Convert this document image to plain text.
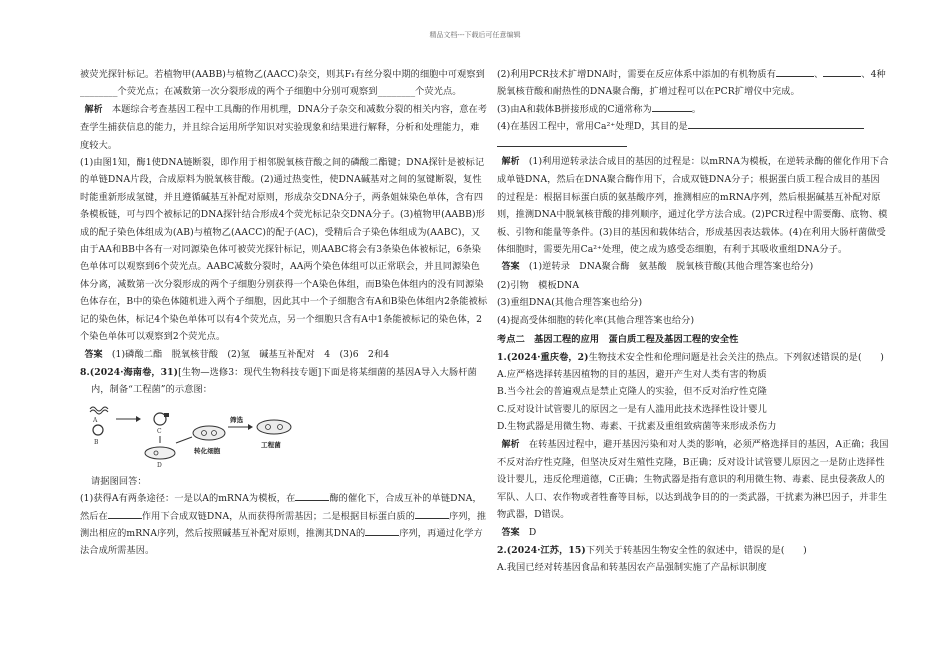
精品文档---下载后可任意编辑

被荧光探针标记。若植物甲(AABB)与植物乙(AACC)杂交，则其F₁有丝分裂中期的细胞中可观察到________个荧光点；在减数第一次分裂形成的两个子细胞中分别可观察到________个荧光点。

解析　 本题综合考查基因工程中工具酶的作用机理，DNA分子杂交和减数分裂的相关内容，意在考查学生捕获信息的能力，并且综合运用所学知识对实验现象和结果进行解释，分析和处理能力，难度较大。

(1)由图1知，酶1使DNA链断裂，即作用于相邻脱氧核苷酸之间的磷酸二酯键；DNA探针是被标记的单链DNA片段，合成原料为脱氧核苷酸。(2)通过热变性，使DNA碱基对之间的氢键断裂，复性时能重新形成氢键，并且遵循碱基互补配对原则，形成杂交DNA分子，两条姐妹染色单体，含有四条模板链，可与四个被标记的DNA探针结合形成4个荧光标记杂交DNA分子。(3)植物甲(AABB)形成的配子染色体组成为(AB)与植物乙(AACC)的配子(AC)，受精后合子染色体组成为(AABC)，又由于AA和BB中各有一对同源染色体可被荧光探针标记，则AABC将会有3条染色体被标记，6条染色单体可以观察到6个荧光点。AABC减数分裂时，AA两个染色体组可以正常联会，并且同源染色体分离，减数第一次分裂形成的两个子细胞分别获得一个A染色体组，而B染色体组内的没有同源染色体存在，B中的染色体随机进入两个子细胞，因此其中一个子细胞含有A和B染色体组内2条能被标记的染色体，标记4个染色单体可以有4个荧光点，另一个细胞只含有A中1条能被标记的染色体，2个染色单体可以观察到2个荧光点。

答案　 (1)磷酸二酯　脱氧核苷酸　(2)氢　碱基互补配对　4　(3)6　2和4

8.(2024·海南卷，31)[生物—选修3：现代生物科技专题]下面是将某细菌的基因A导入大肠杆菌内，制备“工程菌”的示意图：

A
B
C
D
转化细胞
筛选
工程菌

请据图回答：

(1)获得A有两条途径：一是以A的mRNA为模板，在	酶的催化下，合成互补的单链DNA，然后在	作用下合成双链DNA，从而获得所需基因；二是根据目标蛋白质的	序列，推测出相应的mRNA序列，然后按照碱基互补配对原则，推测其DNA的	序列，再通过化学方法合成所需基因。

(2)利用PCR技术扩增DNA时，需要在反应体系中添加的有机物质有	、	、4种脱氧核苷酸和耐热性的DNA聚合酶，扩增过程可以在PCR扩增仪中完成。

(3)由A和载体B拼接形成的C通常称为	。

(4)在基因工程中，常用Ca²⁺处理D，其目的是

解析　 (1)利用逆转录法合成目的基因的过程是：以mRNA为模板，在逆转录酶的催化作用下合成单链DNA，然后在DNA聚合酶作用下，合成双链DNA分子；根据蛋白质工程合成目的基因的过程是：根据目标蛋白质的氨基酸序列，推测相应的mRNA序列，然后根据碱基互补配对原则，推测DNA中脱氧核苷酸的排列顺序，通过化学方法合成。(2)PCR过程中需要酶、底物、模板、引物和能量等条件。(3)目的基因和载体结合，形成基因表达载体。(4)在利用大肠杆菌做受体细胞时，需要先用Ca²⁺处理，使之成为感受态细胞，有利于其吸收重组DNA分子。

答案　 (1)逆转录　DNA聚合酶　氨基酸　脱氧核苷酸(其他合理答案也给分)

(2)引物　模板DNA

(3)重组DNA(其他合理答案也给分)

(4)提高受体细胞的转化率(其他合理答案也给分)

考点二　基因工程的应用　蛋白质工程及基因工程的安全性

1.(2024·重庆卷，2)生物技术安全性和伦理问题是社会关注的热点。下列叙述错误的是(　　)

A.应严格选择转基因植物的目的基因，避开产生对人类有害的物质

B.当今社会的普遍观点是禁止克隆人的实验，但不反对治疗性克隆

C.反对设计试管婴儿的原因之一是有人滥用此技术选择性设计婴儿

D.生物武器是用微生物、毒素、干扰素及重组致病菌等来形成杀伤力

解析　 在转基因过程中，避开基因污染和对人类的影响，必须严格选择目的基因，A正确；我国不反对治疗性克隆，但坚决反对生殖性克隆，B正确；反对设计试管婴儿原因之一是防止选择性设计婴儿，违反伦理道德，C正确；生物武器是指有意识的利用微生物、毒素、昆虫侵袭敌人的军队、人口、农作物或者牲畜等目标，以达到战争目的的一类武器，干扰素为淋巴因子，并非生物武器，D错误。

答案　 D

2.(2024·江苏，15)下列关于转基因生物安全性的叙述中，错误的是(　　)

A.我国已经对转基因食品和转基因农产品强制实施了产品标识制度
